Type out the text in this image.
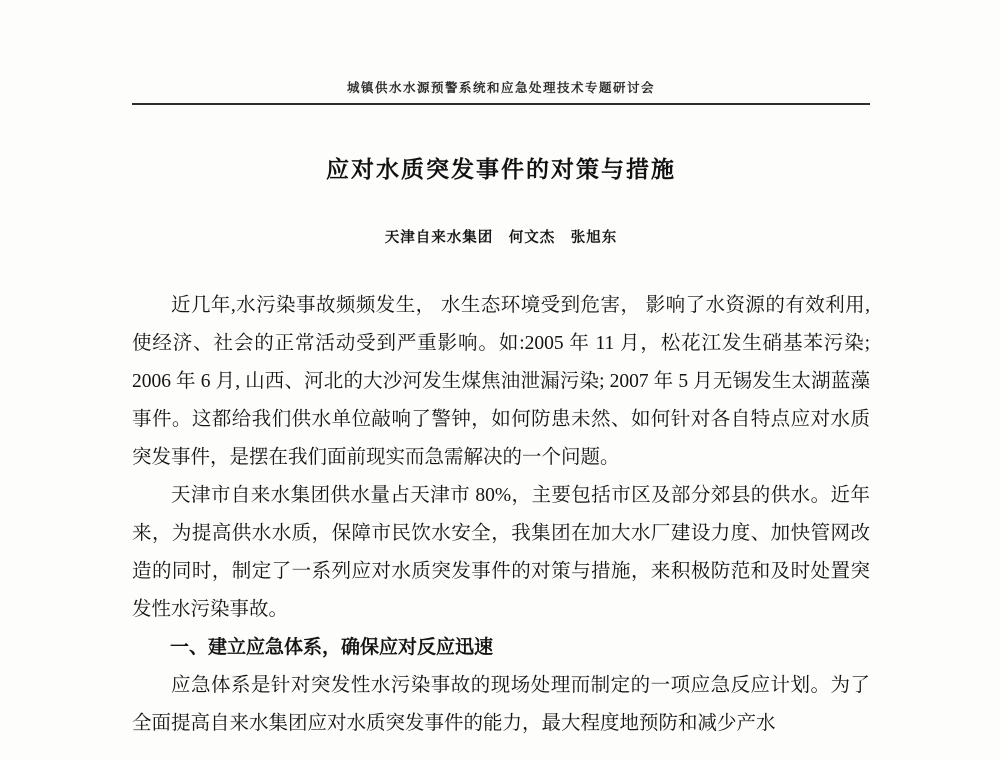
城镇供水水源预警系统和应急处理技术专题研讨会
应对水质突发事件的对策与措施
天津自来水集团　何文杰　张旭东

近几年,水污染事故频频发生， 水生态环境受到危害， 影响了水资源的有效利用, 使经济、社会的正常活动受到严重影响。如:2005 年 11 月，松花江发生硝基苯污染; 2006 年 6 月, 山西、河北的大沙河发生煤焦油泄漏污染; 2007 年 5 月无锡发生太湖蓝藻事件。这都给我们供水单位敲响了警钟，如何防患未然、如何针对各自特点应对水质突发事件，是摆在我们面前现实而急需解决的一个问题。

天津市自来水集团供水量占天津市 80%，主要包括市区及部分郊县的供水。近年来，为提高供水水质，保障市民饮水安全，我集团在加大水厂建设力度、加快管网改造的同时，制定了一系列应对水质突发事件的对策与措施，来积极防范和及时处置突发性水污染事故。

一、建立应急体系，确保应对反应迅速

应急体系是针对突发性水污染事故的现场处理而制定的一项应急反应计划。为了全面提高自来水集团应对水质突发事件的能力，最大程度地预防和减少产水
